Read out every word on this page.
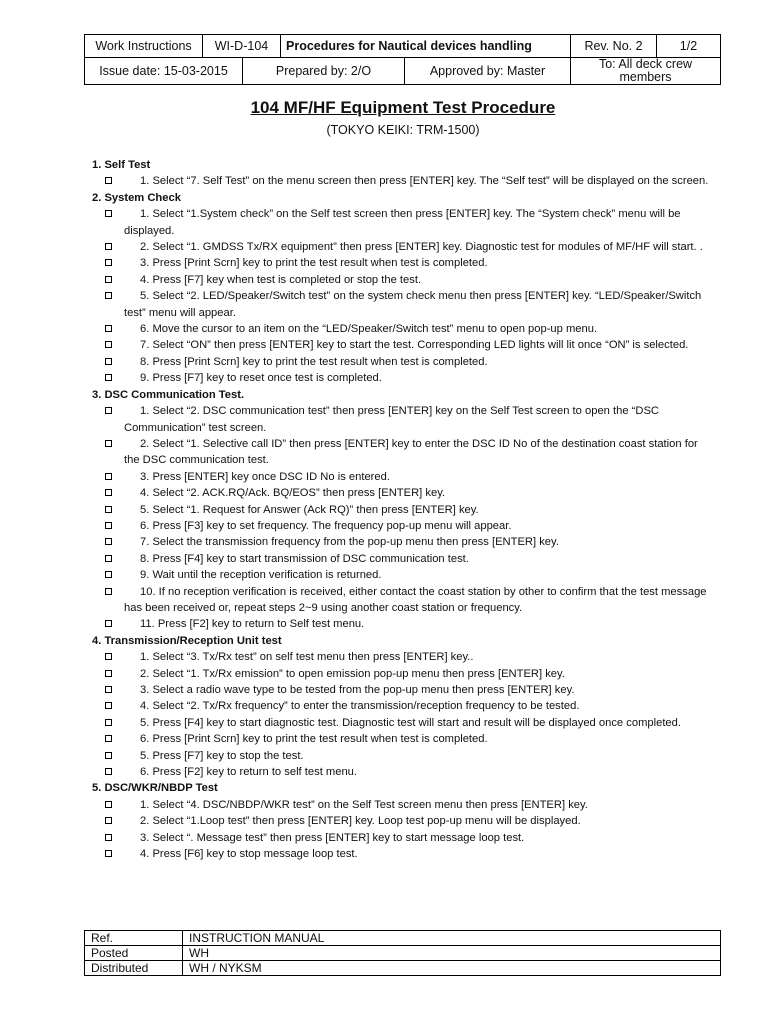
Work Instructions	WI-D-104	Procedures for Nautical devices handling	Rev. No. 2	1/2
Issue date: 15-03-2015	Prepared by: 2/O	Approved by: Master	To: All deck crew members
104 MF/HF Equipment Test Procedure
(TOKYO KEIKI: TRM-1500)
1. Self Test
1. Select “7. Self Test” on the menu screen then press [ENTER] key. The “Self test” will be displayed on the screen.
2. System Check
1. Select “1.System check” on the Self test screen then press [ENTER] key. The “System check” menu will be displayed.
2. Select “1. GMDSS Tx/RX equipment” then press [ENTER] key. Diagnostic test for modules of MF/HF will start. .
3. Press [Print Scrn] key to print the test result when test is completed.
4. Press [F7] key when test is completed or stop the test.
5. Select “2. LED/Speaker/Switch test” on the system check menu then press [ENTER] key. “LED/Speaker/Switch test” menu will appear.
6. Move the cursor to an item on the “LED/Speaker/Switch test” menu to open pop-up menu.
7. Select “ON” then press [ENTER] key to start the test. Corresponding LED lights will lit once “ON” is selected.
8. Press [Print Scrn] key to print the test result when test is completed.
9. Press [F7] key to reset once test is completed.
3. DSC Communication Test.
1. Select “2. DSC communication test” then press [ENTER] key on the Self Test screen to open the “DSC Communication” test screen.
2. Select “1. Selective call ID” then press [ENTER] key to enter the DSC ID No of the destination coast station for the DSC communication test.
3. Press [ENTER] key once DSC ID No is entered.
4. Select “2. ACK.RQ/Ack. BQ/EOS” then press [ENTER] key.
5. Select “1. Request for Answer (Ack RQ)” then press [ENTER] key.
6. Press [F3] key to set frequency. The frequency pop-up menu will appear.
7. Select the transmission frequency from the pop-up menu then press [ENTER] key.
8. Press [F4] key to start transmission of DSC communication test.
9. Wait until the reception verification is returned.
10. If no reception verification is received, either contact the coast station by other to confirm that the test message has been received or, repeat steps 2~9 using another coast station or frequency.
11. Press [F2] key to return to Self test menu.
4. Transmission/Reception Unit test
1. Select “3. Tx/Rx test” on self test menu then press [ENTER] key..
2. Select “1. Tx/Rx emission” to open emission pop-up menu then press [ENTER] key.
3. Select a radio wave type to be tested from the pop-up menu then press [ENTER] key.
4. Select “2. Tx/Rx frequency” to enter the transmission/reception frequency to be tested.
5. Press [F4] key to start diagnostic test. Diagnostic test will start and result will be displayed once completed.
6. Press [Print Scrn] key to print the test result when test is completed.
5. Press [F7] key to stop the test.
6. Press [F2] key to return to self test menu.
5. DSC/WKR/NBDP Test
1. Select “4. DSC/NBDP/WKR test” on the Self Test screen menu then press [ENTER] key.
2. Select “1.Loop test” then press [ENTER] key. Loop test pop-up menu will be displayed.
3. Select “. Message test” then press [ENTER] key to start message loop test.
4. Press [F6] key to stop message loop test.
Ref.	INSTRUCTION MANUAL
Posted	WH
Distributed	WH / NYKSM
